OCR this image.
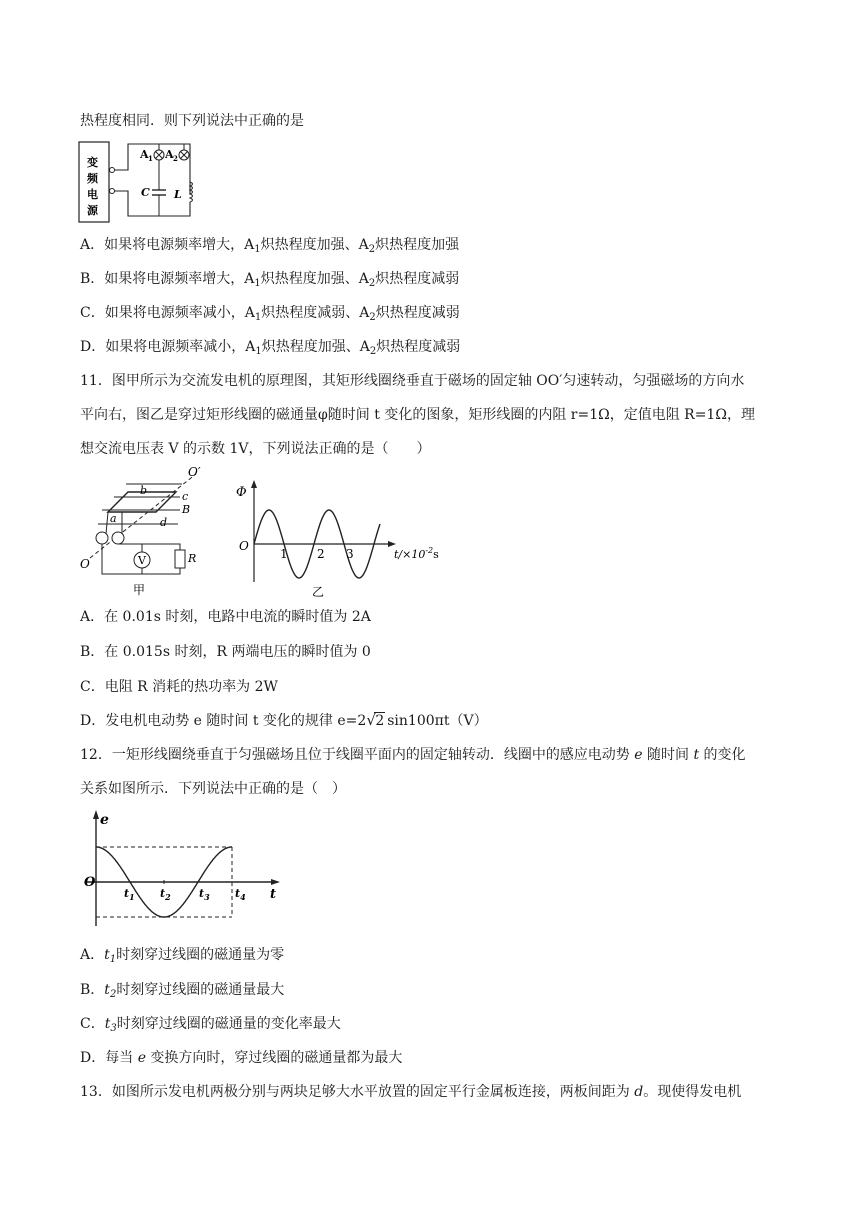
热程度相同．则下列说法中正确的是
变
频
电
源
A 1 A 2
C L
A．如果将电源频率增大，$A_1$炽热程度加强、$A_2$炽热程度加强
B．如果将电源频率增大，$A_1$炽热程度加强、$A_2$炽热程度减弱
C．如果将电源频率减小，$A_1$炽热程度减弱、$A_2$炽热程度减弱
D．如果将电源频率减小，$A_1$炽热程度加强、$A_2$炽热程度减弱
11．图甲所示为交流发电机的原理图，其矩形线圈绕垂直于磁场的固定轴 OO′匀速转动，匀强磁场的方向水
平向右，图乙是穿过矩形线圈的磁通量φ随时间 t 变化的图象，矩形线圈的内阻 r=1Ω，定值电阻 R=1Ω，理
想交流电压表 V 的示数 1V，下列说法正确的是（　　）
O′
O
b	c
B
a	d
V	R
甲
Φ
O
1 2 3	$t/\times 10^{-2}s$
乙
A．在 0.01s 时刻，电路中电流的瞬时值为 2A
B．在 0.015s 时刻，R 两端电压的瞬时值为 0
C．电阻 R 消耗的热功率为 2W
D．发电机电动势 e 随时间 t 变化的规律 e=2 √ 2 sin100πt（V）
12．一矩形线圈绕垂直于匀强磁场且位于线圈平面内的固定轴转动．线圈中的感应电动势 e 随时间 t 的变化
关系如图所示．下列说法中正确的是（　）
e
O
t
$t_1$ $t_2$	$t_3$ $t_4$
A．$t_1$时刻穿过线圈的磁通量为零
B．$t_2$时刻穿过线圈的磁通量最大
C．$t_3$时刻穿过线圈的磁通量的变化率最大
D．每当 e 变换方向时，穿过线圈的磁通量都为最大
13．如图所示发电机两极分别与两块足够大水平放置的固定平行金属板连接，两板间距为 d。现使得发电机
